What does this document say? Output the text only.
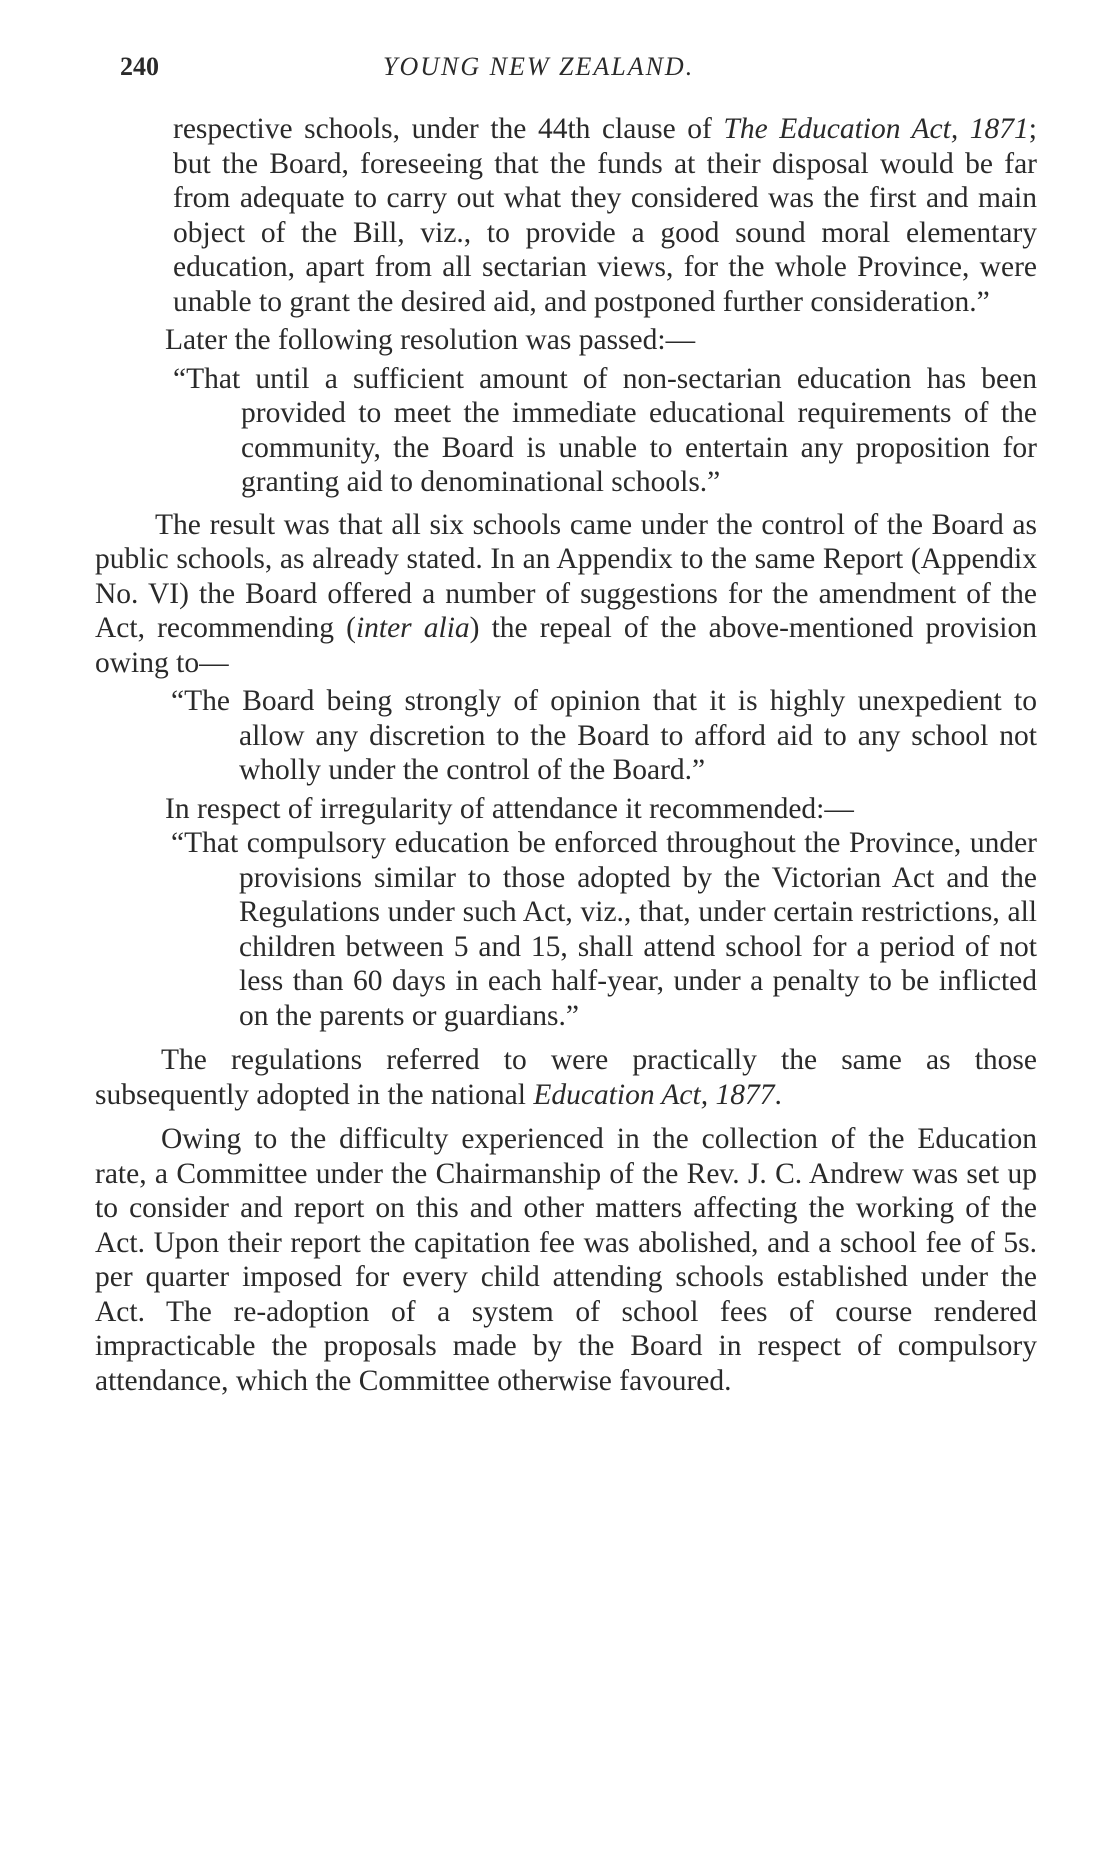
240	YOUNG NEW ZEALAND.

respective schools, under the 44th clause of The Education Act, 1871; but the Board, foreseeing that the funds at their disposal would be far from adequate to carry out what they considered was the first and main object of the Bill, viz., to provide a good sound moral elementary education, apart from all sectarian views, for the whole Province, were unable to grant the desired aid, and postponed further consideration.”

Later the following resolution was passed:—

“That until a sufficient amount of non-sectarian education has been provided to meet the immediate educational requirements of the community, the Board is unable to entertain any proposition for granting aid to denominational schools.”

The result was that all six schools came under the control of the Board as public schools, as already stated. In an Appendix to the same Report (Appendix No. VI) the Board offered a number of suggestions for the amendment of the Act, recommending (inter alia) the repeal of the above-mentioned provision owing to—

“The Board being strongly of opinion that it is highly unexpedient to allow any discretion to the Board to afford aid to any school not wholly under the control of the Board.”

In respect of irregularity of attendance it recommended:—

“That compulsory education be enforced throughout the Province, under provisions similar to those adopted by the Victorian Act and the Regulations under such Act, viz., that, under certain restrictions, all children between 5 and 15, shall attend school for a period of not less than 60 days in each half-year, under a penalty to be inflicted on the parents or guardians.”

The regulations referred to were practically the same as those subsequently adopted in the national Education Act, 1877.

Owing to the difficulty experienced in the collection of the Education rate, a Committee under the Chairmanship of the Rev. J. C. Andrew was set up to consider and report on this and other matters affecting the working of the Act. Upon their report the capitation fee was abolished, and a school fee of 5s. per quarter imposed for every child attending schools established under the Act. The re-adoption of a system of school fees of course rendered impracticable the proposals made by the Board in respect of compulsory attendance, which the Committee otherwise favoured.
